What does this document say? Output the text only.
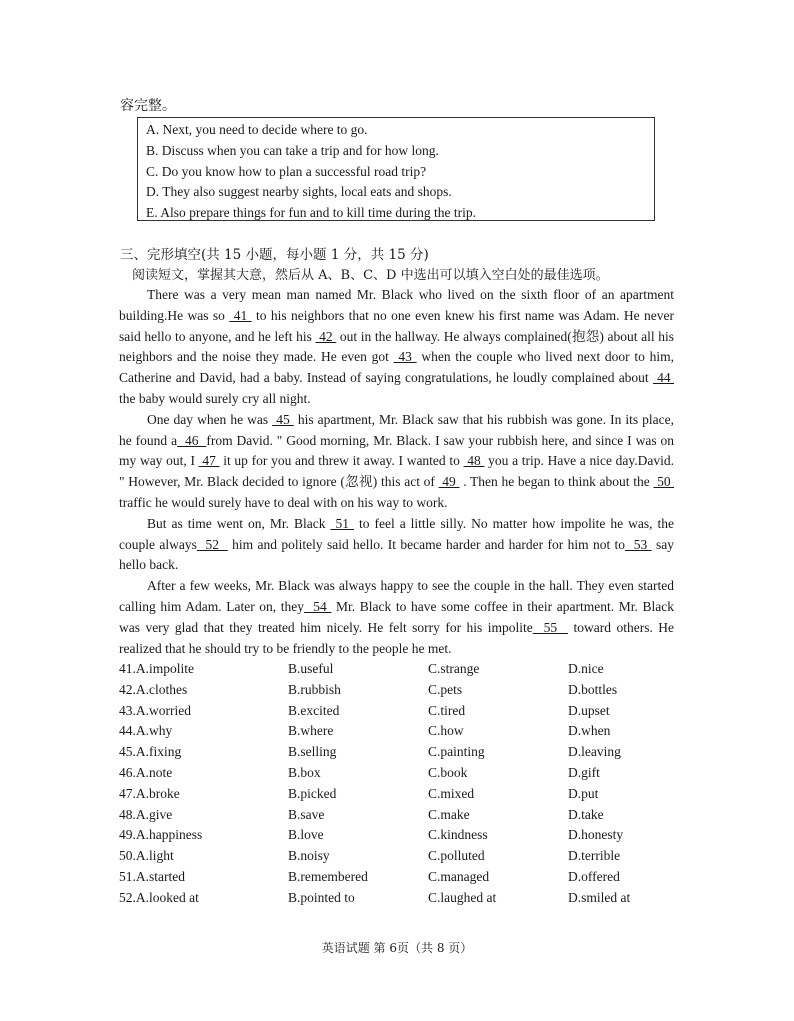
容完整。
A. Next, you need to decide where to go.
B. Discuss when you can take a trip and for how long.
C. Do you know how to plan a successful road trip?
D. They also suggest nearby sights, local eats and shops.
E. Also prepare things for fun and to kill time during the trip.
三、完形填空(共 15 小题，每小题 1 分，共 15 分)
阅读短文，掌握其大意，然后从 A、B、C、D 中选出可以填入空白处的最佳选项。

There was a very mean man named Mr. Black who lived on the sixth floor of an apartment building.He was so  41  to his neighbors that no one even knew his first name was Adam. He never said hello to anyone, and he left his  42  out in the hallway. He always complained(抱怨) about all his neighbors and the noise they made. He even got  43  when the couple who lived next door to him, Catherine and David, had a baby. Instead of saying congratulations, he loudly complained about  44  the baby would surely cry all night.

One day when he was  45  his apartment, Mr. Black saw that his rubbish was gone. In its place, he found a  46  from David. " Good morning, Mr. Black. I saw your rubbish here, and since I was on my way out, I  47  it up for you and threw it away. I wanted to  48  you a trip. Have a nice day.David. " However, Mr. Black decided to ignore (忽视) this act of  49  . Then he began to think about the  50  traffic he would surely have to deal with on his way to work.

But as time went on, Mr. Black  51  to feel a little silly. No matter how impolite he was, the couple always  52   him and politely said hello. It became harder and harder for him not to  53  say hello back.

After a few weeks, Mr. Black was always happy to see the couple in the hall. They even started calling him Adam. Later on, they  54  Mr. Black to have some coffee in their apartment. Mr. Black was very glad that they treated him nicely. He felt sorry for his impolite  55   toward others. He realized that he should try to be friendly to the people he met.

41.A.impolite	B.useful	C.strange	D.nice
42.A.clothes	B.rubbish	C.pets	D.bottles
43.A.worried	B.excited	C.tired	D.upset
44.A.why	B.where	C.how	D.when
45.A.fixing	B.selling	C.painting	D.leaving
46.A.note	B.box	C.book	D.gift
47.A.broke	B.picked	C.mixed	D.put
48.A.give	B.save	C.make	D.take
49.A.happiness	B.love	C.kindness	D.honesty
50.A.light	B.noisy	C.polluted	D.terrible
51.A.started	B.remembered	C.managed	D.offered
52.A.looked at	B.pointed to	C.laughed at	D.smiled at
英语试题 第 6页（共 8 页）
